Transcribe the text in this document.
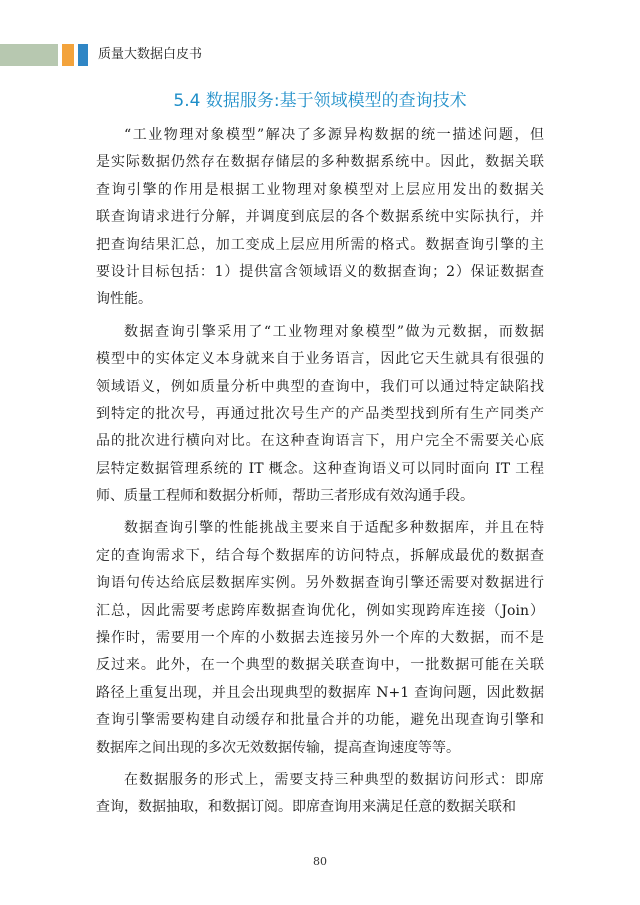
质量大数据白皮书
5.4 数据服务:基于领域模型的查询技术
“工业物理对象模型”解决了多源异构数据的统一描述问题，但
是实际数据仍然存在数据存储层的多种数据系统中。因此，数据关联
查询引擎的作用是根据工业物理对象模型对上层应用发出的数据关
联查询请求进行分解，并调度到底层的各个数据系统中实际执行，并
把查询结果汇总，加工变成上层应用所需的格式。数据查询引擎的主
要设计目标包括：1）提供富含领域语义的数据查询；2）保证数据查
询性能。
数据查询引擎采用了“工业物理对象模型”做为元数据，而数据
模型中的实体定义本身就来自于业务语言，因此它天生就具有很强的
领域语义，例如质量分析中典型的查询中，我们可以通过特定缺陷找
到特定的批次号，再通过批次号生产的产品类型找到所有生产同类产
品的批次进行横向对比。在这种查询语言下，用户完全不需要关心底
层特定数据管理系统的 IT 概念。这种查询语义可以同时面向 IT 工程
师、质量工程师和数据分析师，帮助三者形成有效沟通手段。
数据查询引擎的性能挑战主要来自于适配多种数据库，并且在特
定的查询需求下，结合每个数据库的访问特点，拆解成最优的数据查
询语句传达给底层数据库实例。另外数据查询引擎还需要对数据进行
汇总，因此需要考虑跨库数据查询优化，例如实现跨库连接（Join）
操作时，需要用一个库的小数据去连接另外一个库的大数据，而不是
反过来。此外，在一个典型的数据关联查询中，一批数据可能在关联
路径上重复出现，并且会出现典型的数据库 N+1 查询问题，因此数据
查询引擎需要构建自动缓存和批量合并的功能，避免出现查询引擎和
数据库之间出现的多次无效数据传输，提高查询速度等等。
在数据服务的形式上，需要支持三种典型的数据访问形式：即席
查询，数据抽取，和数据订阅。即席查询用来满足任意的数据关联和
80
